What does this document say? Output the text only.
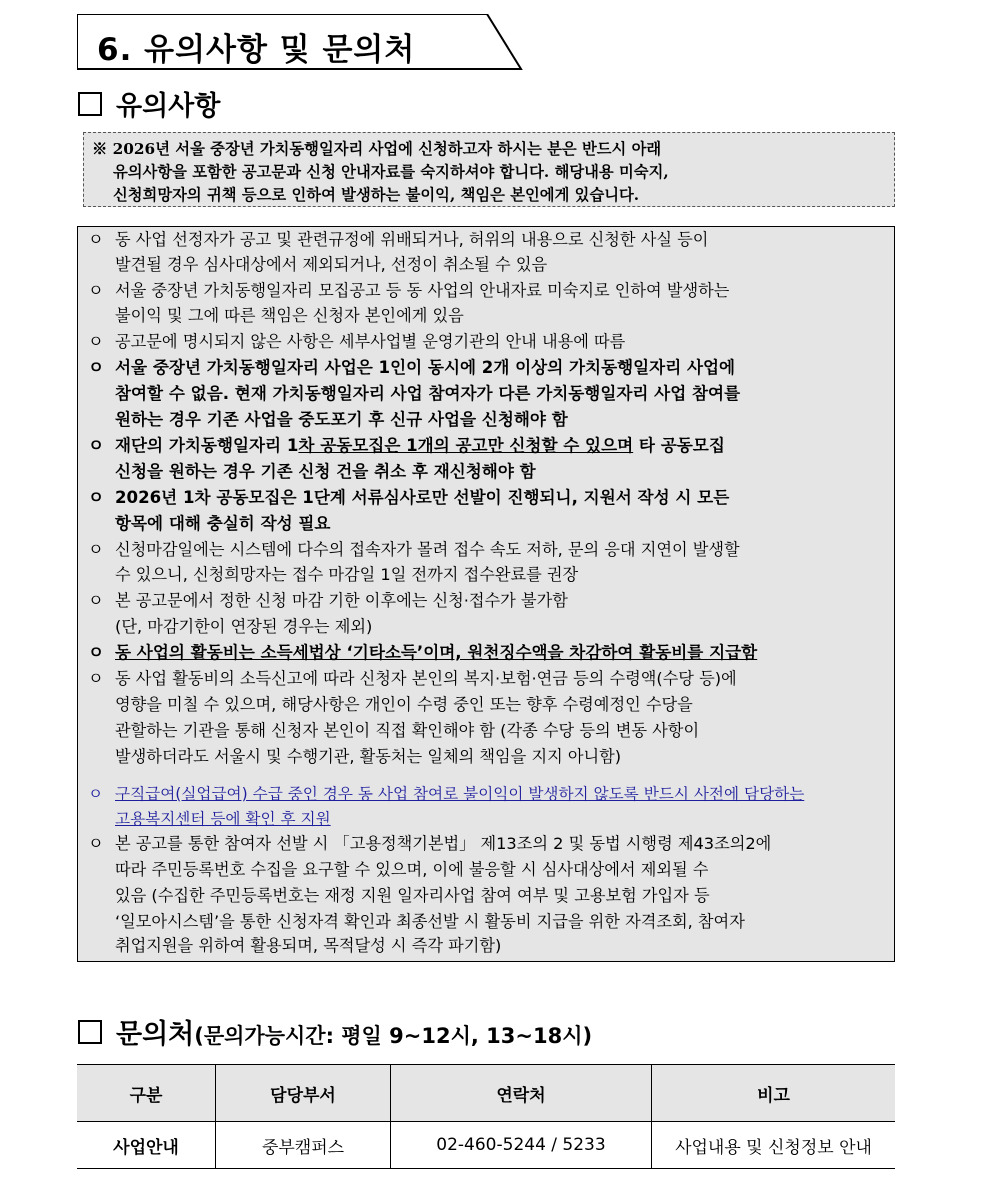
6. 유의사항 및 문의처
유의사항
※ 2026년 서울 중장년 가치동행일자리 사업에 신청하고자 하시는 분은 반드시 아래
유의사항을 포함한 공고문과 신청 안내자료를 숙지하셔야 합니다. 해당내용 미숙지,
신청희망자의 귀책 등으로 인하여 발생하는 불이익, 책임은 본인에게 있습니다.
ㅇ 동 사업 선정자가 공고 및 관련규정에 위배되거나, 허위의 내용으로 신청한 사실 등이
발견될 경우 심사대상에서 제외되거나, 선정이 취소될 수 있음
ㅇ 서울 중장년 가치동행일자리 모집공고 등 동 사업의 안내자료 미숙지로 인하여 발생하는
불이익 및 그에 따른 책임은 신청자 본인에게 있음
ㅇ 공고문에 명시되지 않은 사항은 세부사업별 운영기관의 안내 내용에 따름
ㅇ 서울 중장년 가치동행일자리 사업은 1인이 동시에 2개 이상의 가치동행일자리 사업에
참여할 수 없음. 현재 가치동행일자리 사업 참여자가 다른 가치동행일자리 사업 참여를
원하는 경우 기존 사업을 중도포기 후 신규 사업을 신청해야 함
ㅇ 재단의 가치동행일자리 1차 공동모집은 1개의 공고만 신청할 수 있으며 타 공동모집
신청을 원하는 경우 기존 신청 건을 취소 후 재신청해야 함
ㅇ 2026년 1차 공동모집은 1단계 서류심사로만 선발이 진행되니, 지원서 작성 시 모든
항목에 대해 충실히 작성 필요
ㅇ 신청마감일에는 시스템에 다수의 접속자가 몰려 접수 속도 저하, 문의 응대 지연이 발생할
수 있으니, 신청희망자는 접수 마감일 1일 전까지 접수완료를 권장
ㅇ 본 공고문에서 정한 신청 마감 기한 이후에는 신청·접수가 불가함
(단, 마감기한이 연장된 경우는 제외)
ㅇ 동 사업의 활동비는 소득세법상 ‘기타소득’이며, 원천징수액을 차감하여 활동비를 지급함
ㅇ 동 사업 활동비의 소득신고에 따라 신청자 본인의 복지·보험·연금 등의 수령액(수당 등)에
영향을 미칠 수 있으며, 해당사항은 개인이 수령 중인 또는 향후 수령예정인 수당을
관할하는 기관을 통해 신청자 본인이 직접 확인해야 함 (각종 수당 등의 변동 사항이
발생하더라도 서울시 및 수행기관, 활동처는 일체의 책임을 지지 아니함)
ㅇ 구직급여(실업급여) 수급 중인 경우 동 사업 참여로 불이익이 발생하지 않도록 반드시 사전에 담당하는
고용복지센터 등에 확인 후 지원
ㅇ 본 공고를 통한 참여자 선발 시 「고용정책기본법」 제13조의 2 및 동법 시행령 제43조의2에
따라 주민등록번호 수집을 요구할 수 있으며, 이에 불응할 시 심사대상에서 제외될 수
있음 (수집한 주민등록번호는 재정 지원 일자리사업 참여 여부 및 고용보험 가입자 등
‘일모아시스템’을 통한 신청자격 확인과 최종선발 시 활동비 지급을 위한 자격조회, 참여자
취업지원을 위하여 활용되며, 목적달성 시 즉각 파기함)
문의처(문의가능시간: 평일 9~12시, 13~18시)
구분	담당부서	연락처	비고
사업안내	중부캠퍼스	02-460-5244 / 5233	사업내용 및 신청정보 안내
